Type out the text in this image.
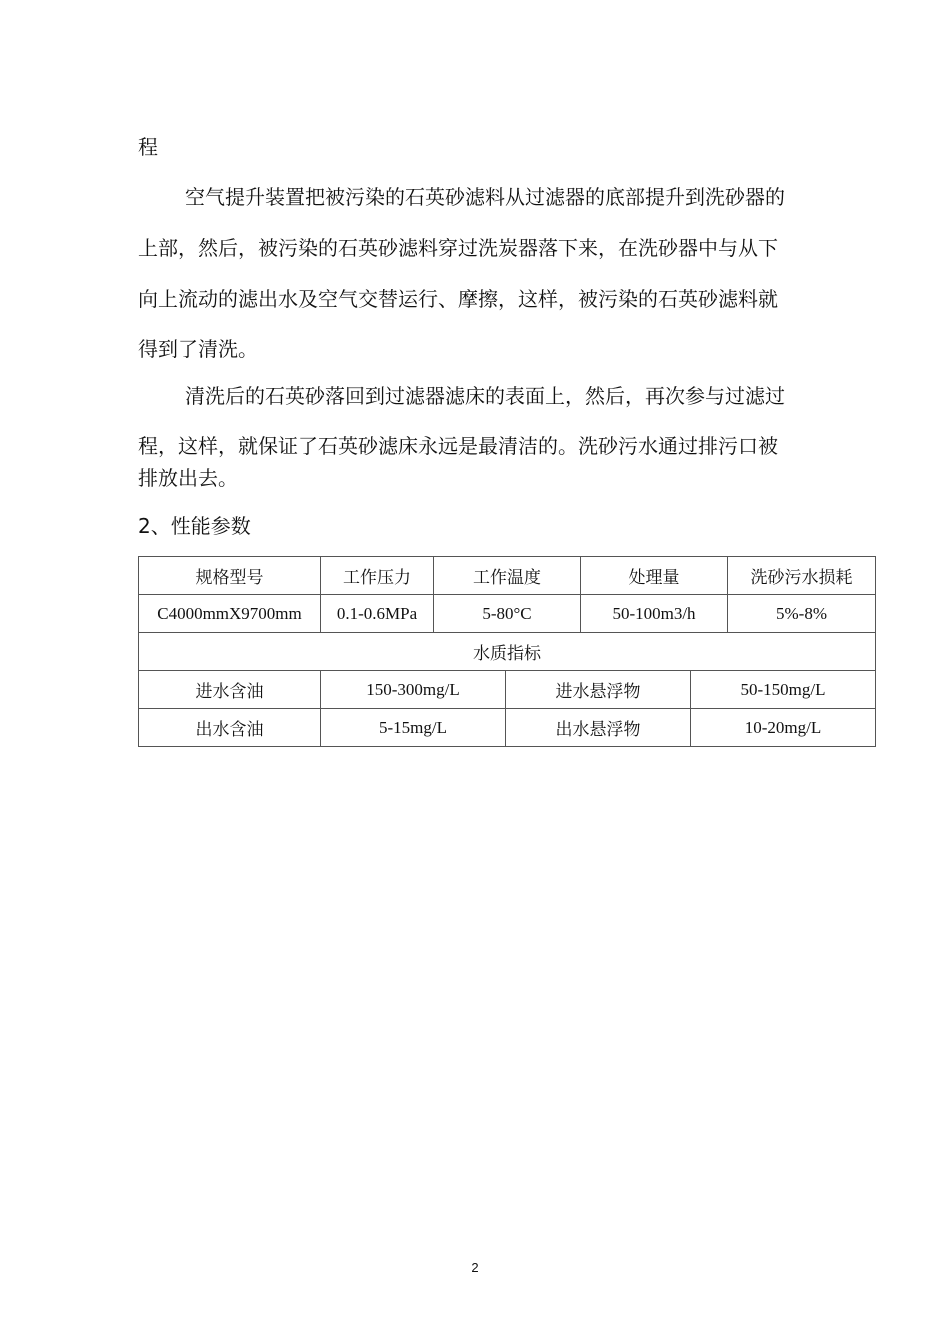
程
空气提升装置把被污染的石英砂滤料从过滤器的底部提升到洗砂器的
上部，然后，被污染的石英砂滤料穿过洗炭器落下来，在洗砂器中与从下
向上流动的滤出水及空气交替运行、摩擦，这样，被污染的石英砂滤料就
得到了清洗。
清洗后的石英砂落回到过滤器滤床的表面上，然后，再次参与过滤过
程，这样，就保证了石英砂滤床永远是最清洁的。洗砂污水通过排污口被
排放出去。
2、性能参数
规格型号	工作压力	工作温度		处理量		洗砂污水损耗
C4000mmX9700mm	0.1-0.6MPa	5-80°C		50-100m3/h		5%-8%
水质指标						
进水含油	150-300mg/L		进水悬浮物		50-150mg/L	
出水含油	5-15mg/L		出水悬浮物		10-20mg/L	
2
